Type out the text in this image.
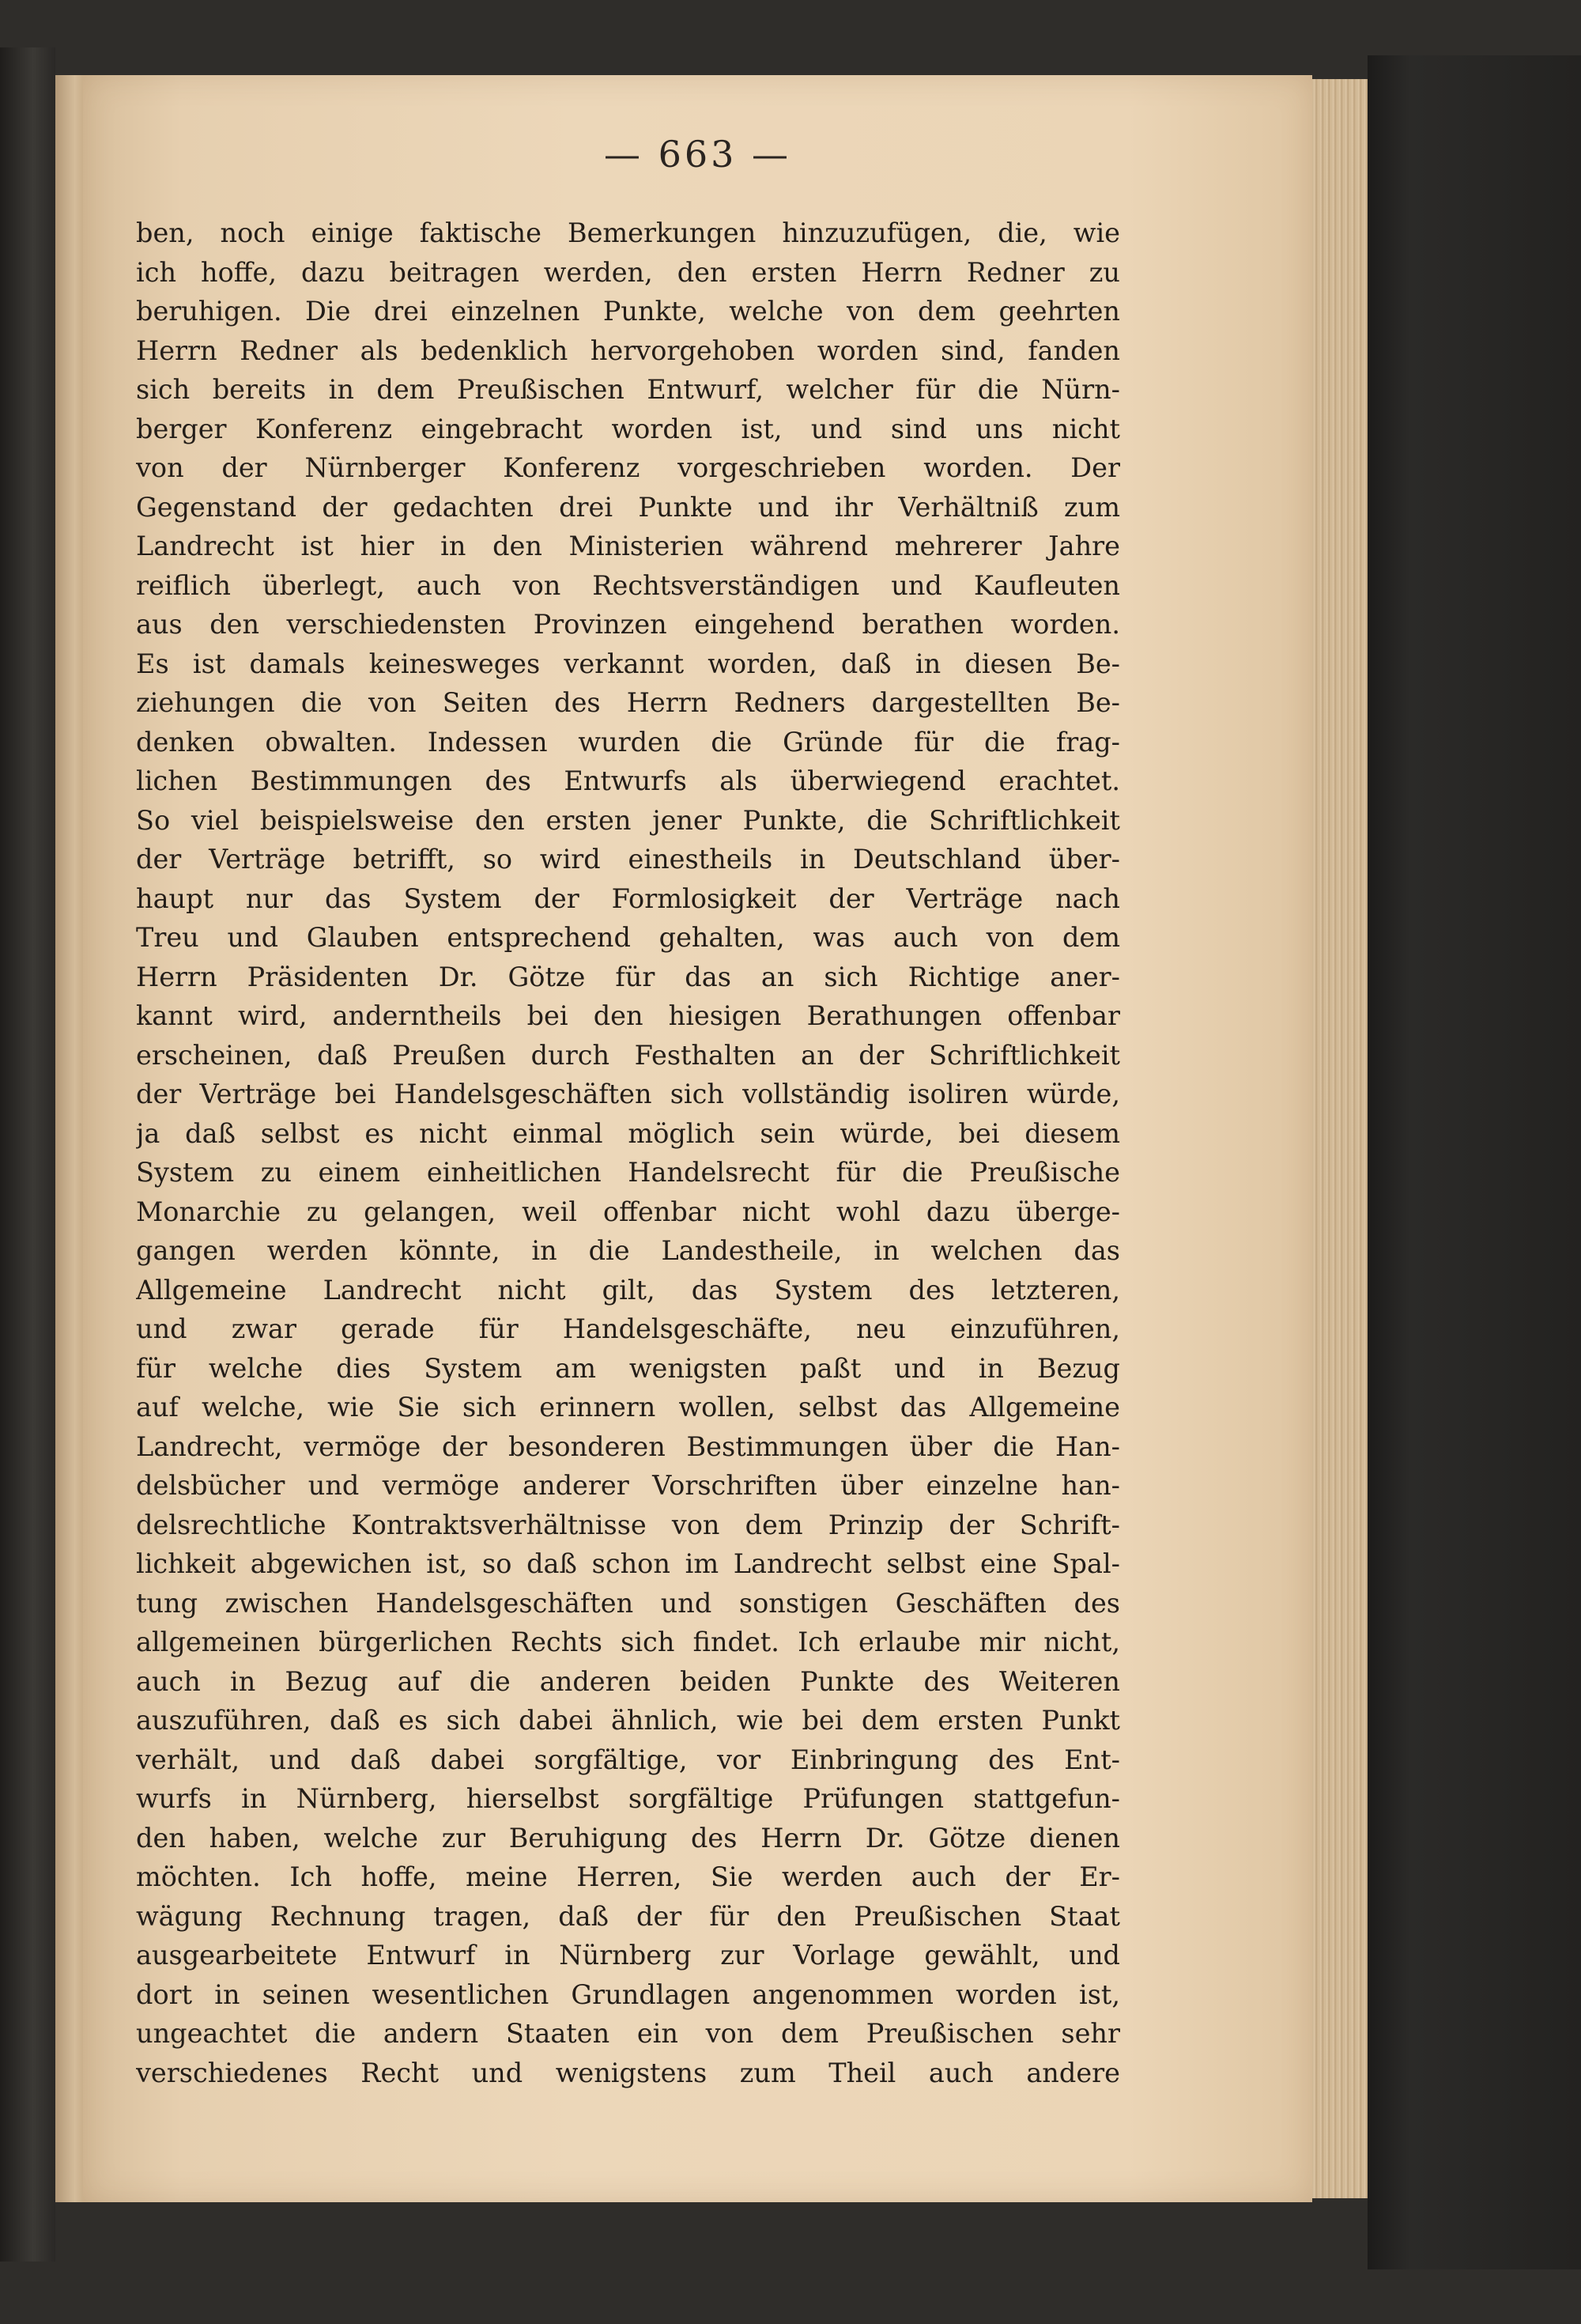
— 663 —
ben, noch einige faktische Bemerkungen hinzuzufügen, die, wie
ich hoffe, dazu beitragen werden, den ersten Herrn Redner zu
beruhigen. Die drei einzelnen Punkte, welche von dem geehrten
Herrn Redner als bedenklich hervorgehoben worden sind, fanden
sich bereits in dem Preußischen Entwurf, welcher für die Nürn-
berger Konferenz eingebracht worden ist, und sind uns nicht
von der Nürnberger Konferenz vorgeschrieben worden. Der
Gegenstand der gedachten drei Punkte und ihr Verhältniß zum
Landrecht ist hier in den Ministerien während mehrerer Jahre
reiflich überlegt, auch von Rechtsverständigen und Kaufleuten
aus den verschiedensten Provinzen eingehend berathen worden.
Es ist damals keinesweges verkannt worden, daß in diesen Be-
ziehungen die von Seiten des Herrn Redners dargestellten Be-
denken obwalten. Indessen wurden die Gründe für die frag-
lichen Bestimmungen des Entwurfs als überwiegend erachtet.
So viel beispielsweise den ersten jener Punkte, die Schriftlichkeit
der Verträge betrifft, so wird einestheils in Deutschland über-
haupt nur das System der Formlosigkeit der Verträge nach
Treu und Glauben entsprechend gehalten, was auch von dem
Herrn Präsidenten Dr. Götze für das an sich Richtige aner-
kannt wird, anderntheils bei den hiesigen Berathungen offenbar
erscheinen, daß Preußen durch Festhalten an der Schriftlichkeit
der Verträge bei Handelsgeschäften sich vollständig isoliren würde,
ja daß selbst es nicht einmal möglich sein würde, bei diesem
System zu einem einheitlichen Handelsrecht für die Preußische
Monarchie zu gelangen, weil offenbar nicht wohl dazu überge-
gangen werden könnte, in die Landestheile, in welchen das
Allgemeine Landrecht nicht gilt, das System des letzteren,
und zwar gerade für Handelsgeschäfte, neu einzuführen,
für welche dies System am wenigsten paßt und in Bezug
auf welche, wie Sie sich erinnern wollen, selbst das Allgemeine
Landrecht, vermöge der besonderen Bestimmungen über die Han-
delsbücher und vermöge anderer Vorschriften über einzelne han-
delsrechtliche Kontraktsverhältnisse von dem Prinzip der Schrift-
lichkeit abgewichen ist, so daß schon im Landrecht selbst eine Spal-
tung zwischen Handelsgeschäften und sonstigen Geschäften des
allgemeinen bürgerlichen Rechts sich findet. Ich erlaube mir nicht,
auch in Bezug auf die anderen beiden Punkte des Weiteren
auszuführen, daß es sich dabei ähnlich, wie bei dem ersten Punkt
verhält, und daß dabei sorgfältige, vor Einbringung des Ent-
wurfs in Nürnberg, hierselbst sorgfältige Prüfungen stattgefun-
den haben, welche zur Beruhigung des Herrn Dr. Götze dienen
möchten. Ich hoffe, meine Herren, Sie werden auch der Er-
wägung Rechnung tragen, daß der für den Preußischen Staat
ausgearbeitete Entwurf in Nürnberg zur Vorlage gewählt, und
dort in seinen wesentlichen Grundlagen angenommen worden ist,
ungeachtet die andern Staaten ein von dem Preußischen sehr
verschiedenes Recht und wenigstens zum Theil auch andere
